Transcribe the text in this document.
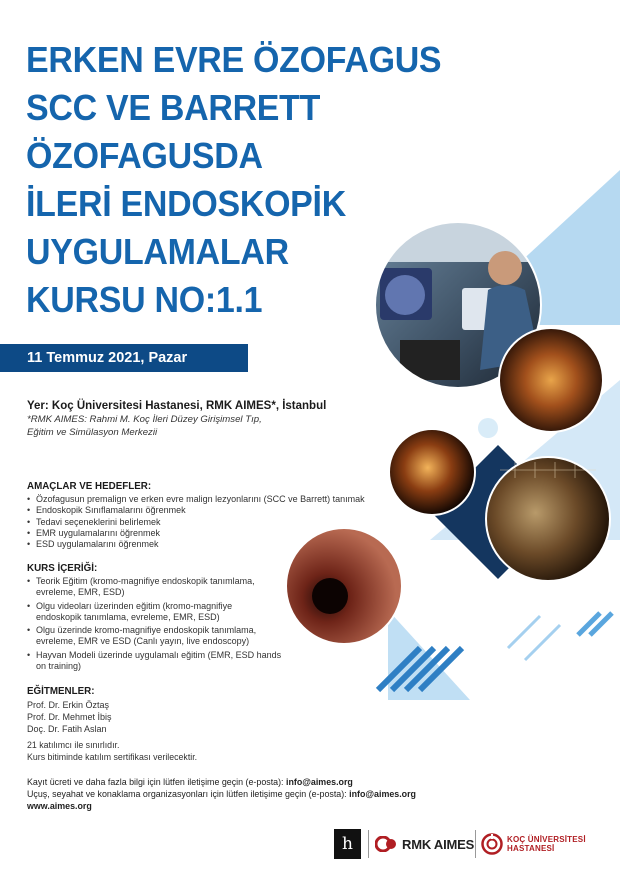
ERKEN EVRE ÖZOFAGUS
SCC VE BARRETT
ÖZOFAGUSDA
İLERİ ENDOSKOPİK
UYGULAMALAR
KURSU NO:1.1
11 Temmuz 2021, Pazar

Yer: Koç Üniversitesi Hastanesi, RMK AIMES*, İstanbul

*RMK AIMES: Rahmi M. Koç İleri Düzey Girişimsel Tıp,
Eğitim ve Simülasyon Merkezii

AMAÇLAR VE HEDEFLER:
• Özofagusun premalign ve erken evre malign lezyonlarını (SCC ve Barrett) tanımak
• Endoskopik Sınıflamalarını öğrenmek
• Tedavi seçeneklerini belirlemek
• EMR uygulamalarını öğrenmek
• ESD uygulamalarını öğrenmek
KURS İÇERİĞİ:
• Teorik Eğitim (kromo-magnifiye endoskopik tanımlama,
evreleme, EMR, ESD)
• Olgu videoları üzerinden eğitim (kromo-magnifiye
endoskopik tanımlama, evreleme, EMR, ESD)
• Olgu üzerinde kromo-magnifiye endoskopik tanımlama,
evreleme, EMR ve ESD (Canlı yayın, live endoscopy)
• Hayvan Modeli üzerinde uygulamalı eğitim (EMR, ESD hands
on training)
EĞİTMENLER:

Prof. Dr. Erkin Öztaş

Prof. Dr. Mehmet İbiş

Doç. Dr. Fatih Aslan

21 katılımcı ile sınırlıdır.

Kurs bitiminde katılım sertifikası verilecektir.

Kayıt ücreti ve daha fazla bilgi için lütfen iletişime geçin (e-posta): info@aimes.org

Uçuş, seyahat ve konaklama organizasyonları için lütfen iletişime geçin (e-posta): info@aimes.org

www.aimes.org

h	RMK AIMES	KOÇ ÜNİVERSİTESİ
HASTANESİ
